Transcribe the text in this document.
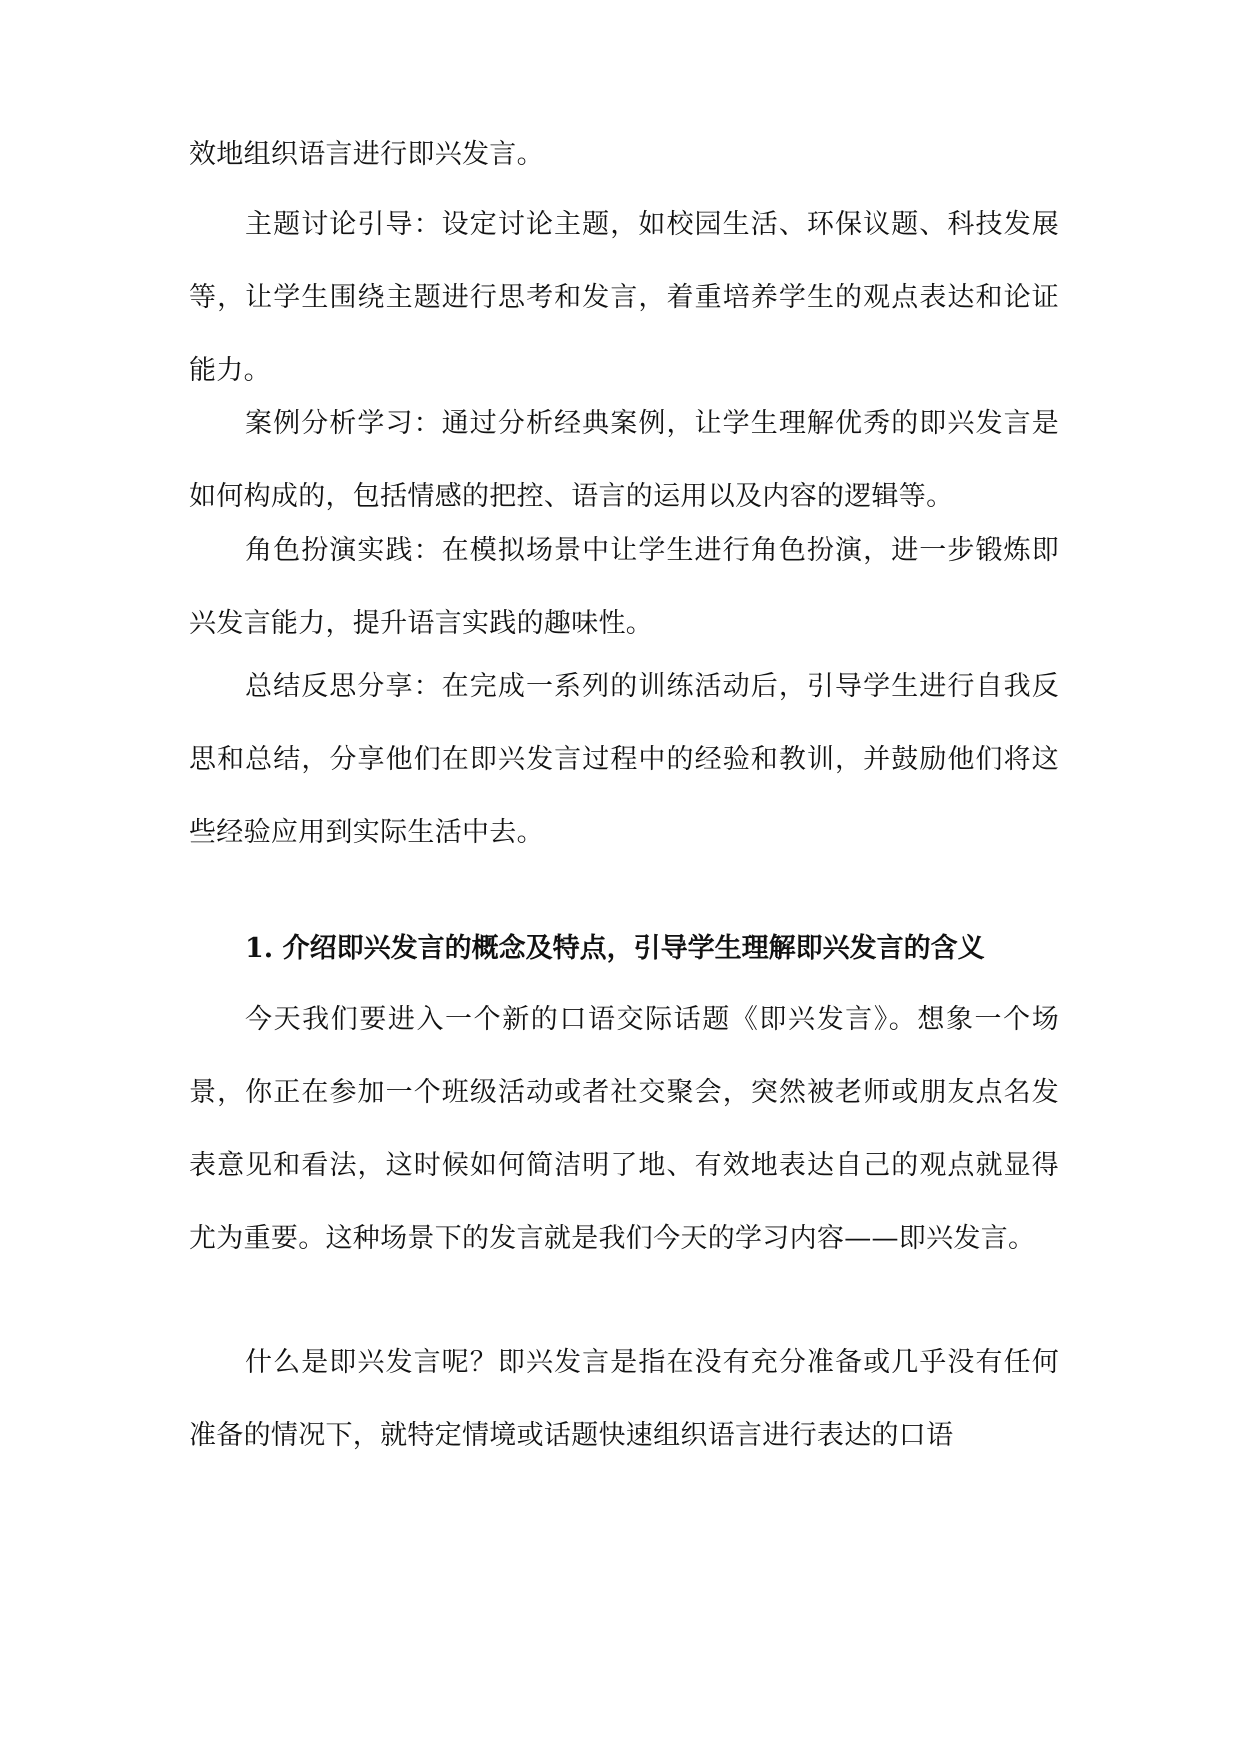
效地组织语言进行即兴发言。
主题讨论引导：设定讨论主题，如校园生活、环保议题、科技发展等，让学生围绕主题进行思考和发言，着重培养学生的观点表达和论证能力。
案例分析学习：通过分析经典案例，让学生理解优秀的即兴发言是如何构成的，包括情感的把控、语言的运用以及内容的逻辑等。
角色扮演实践：在模拟场景中让学生进行角色扮演，进一步锻炼即兴发言能力，提升语言实践的趣味性。
总结反思分享：在完成一系列的训练活动后，引导学生进行自我反思和总结，分享他们在即兴发言过程中的经验和教训，并鼓励他们将这些经验应用到实际生活中去。
1. 介绍即兴发言的概念及特点，引导学生理解即兴发言的含义
今天我们要进入一个新的口语交际话题《即兴发言》。想象一个场景，你正在参加一个班级活动或者社交聚会，突然被老师或朋友点名发表意见和看法，这时候如何简洁明了地、有效地表达自己的观点就显得尤为重要。这种场景下的发言就是我们今天的学习内容——即兴发言。
什么是即兴发言呢？即兴发言是指在没有充分准备或几乎没有任何准备的情况下，就特定情境或话题快速组织语言进行表达的口语
